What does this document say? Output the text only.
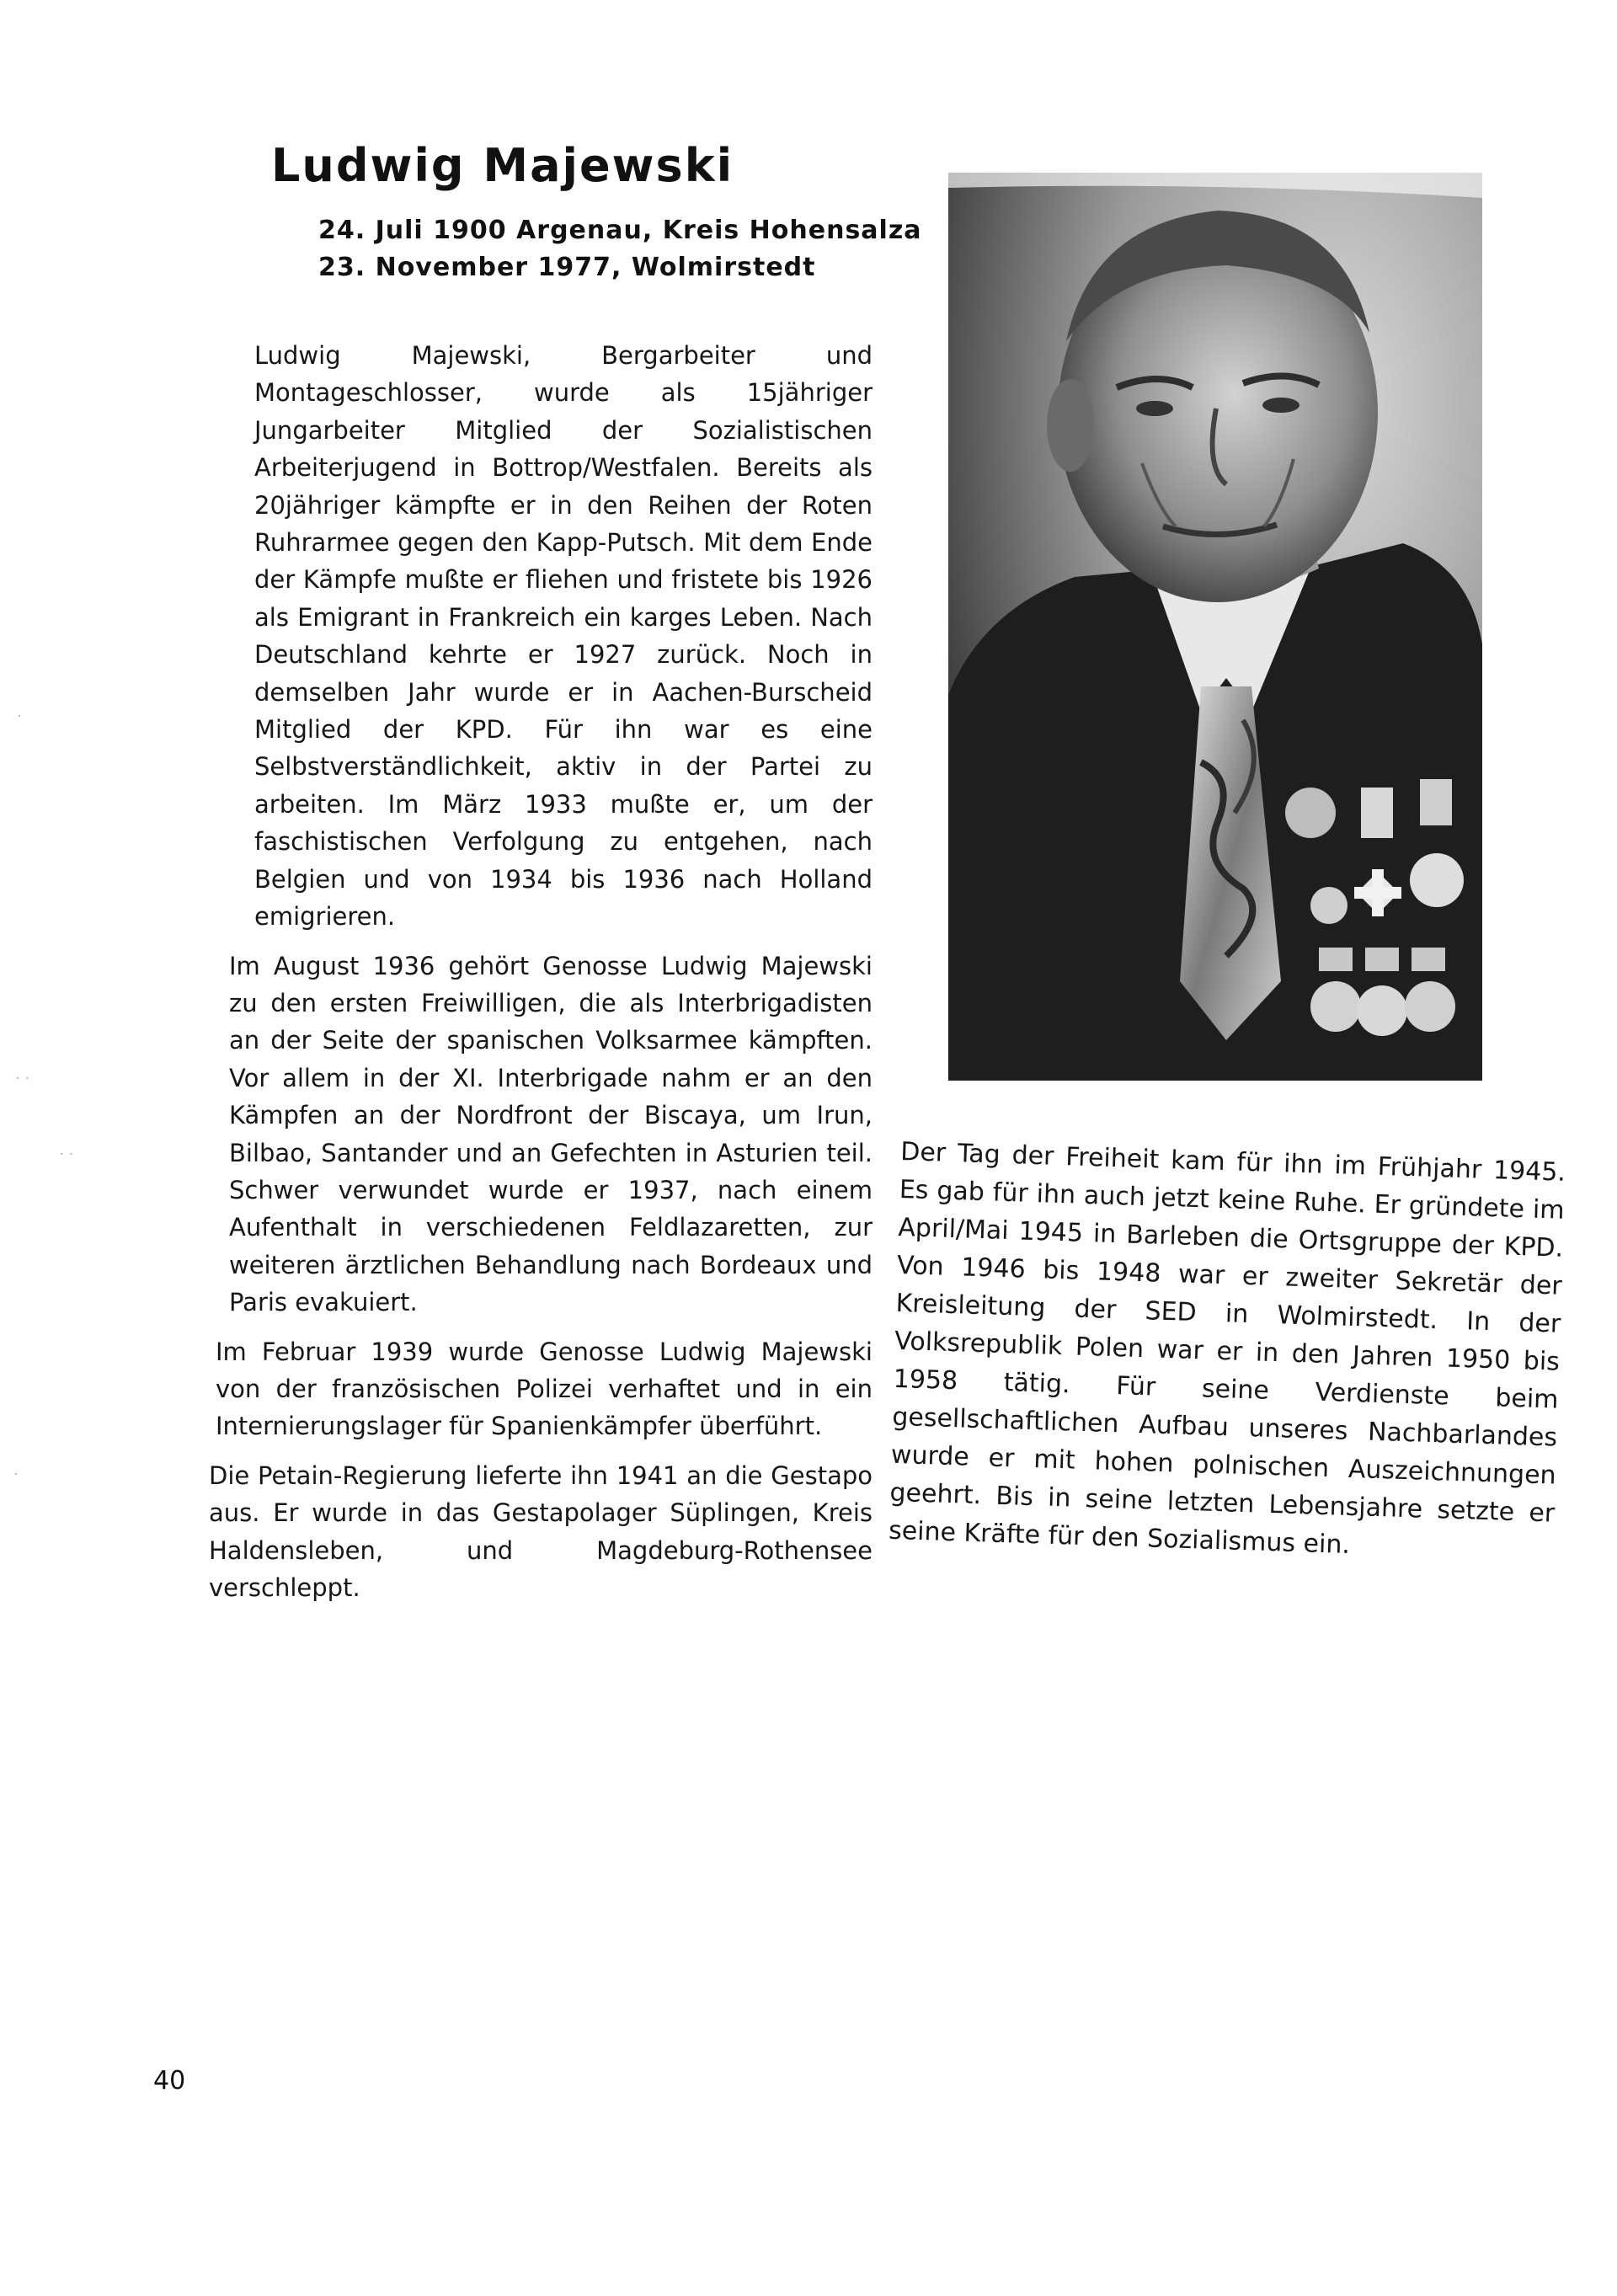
Ludwig Majewski
24. Juli 1900 Argenau, Kreis Hohensalza
23. November 1977, Wolmirstedt

Ludwig Majewski, Bergarbeiter und Montageschlosser, wurde als 15jähriger Jungarbeiter Mitglied der Sozialistischen Arbeiterjugend in Bottrop/Westfalen. Bereits als 20jähriger kämpfte er in den Reihen der Roten Ruhrarmee gegen den Kapp-Putsch. Mit dem Ende der Kämpfe mußte er fliehen und fristete bis 1926 als Emigrant in Frankreich ein karges Leben. Nach Deutschland kehrte er 1927 zurück. Noch in demselben Jahr wurde er in Aachen-Burscheid Mitglied der KPD. Für ihn war es eine Selbstverständlichkeit, aktiv in der Partei zu arbeiten. Im März 1933 mußte er, um der faschistischen Verfolgung zu entgehen, nach Belgien und von 1934 bis 1936 nach Holland emigrieren.

Im August 1936 gehört Genosse Ludwig Majewski zu den ersten Freiwilligen, die als Interbrigadisten an der Seite der spanischen Volksarmee kämpften. Vor allem in der XI. Interbrigade nahm er an den Kämpfen an der Nordfront der Biscaya, um Irun, Bilbao, Santander und an Gefechten in Asturien teil. Schwer verwundet wurde er 1937, nach einem Aufenthalt in verschiedenen Feldlazaretten, zur weiteren ärztlichen Behandlung nach Bordeaux und Paris evakuiert.

Im Februar 1939 wurde Genosse Ludwig Majewski von der französischen Polizei verhaftet und in ein Internierungslager für Spanienkämpfer überführt.

Die Petain-Regierung lieferte ihn 1941 an die Gestapo aus. Er wurde in das Gestapolager Süplingen, Kreis Haldensleben, und Magdeburg-Rothensee verschleppt.

Der Tag der Freiheit kam für ihn im Frühjahr 1945. Es gab für ihn auch jetzt keine Ruhe. Er gründete im April/Mai 1945 in Barleben die Ortsgruppe der KPD. Von 1946 bis 1948 war er zweiter Sekretär der Kreisleitung der SED in Wolmirstedt. In der Volksrepublik Polen war er in den Jahren 1950 bis 1958 tätig. Für seine Verdienste beim gesellschaftlichen Aufbau unseres Nachbarlandes wurde er mit hohen polnischen Auszeichnungen geehrt. Bis in seine letzten Lebensjahre setzte er seine Kräfte für den Sozialismus ein.

40
·
· ·
· ·
·
